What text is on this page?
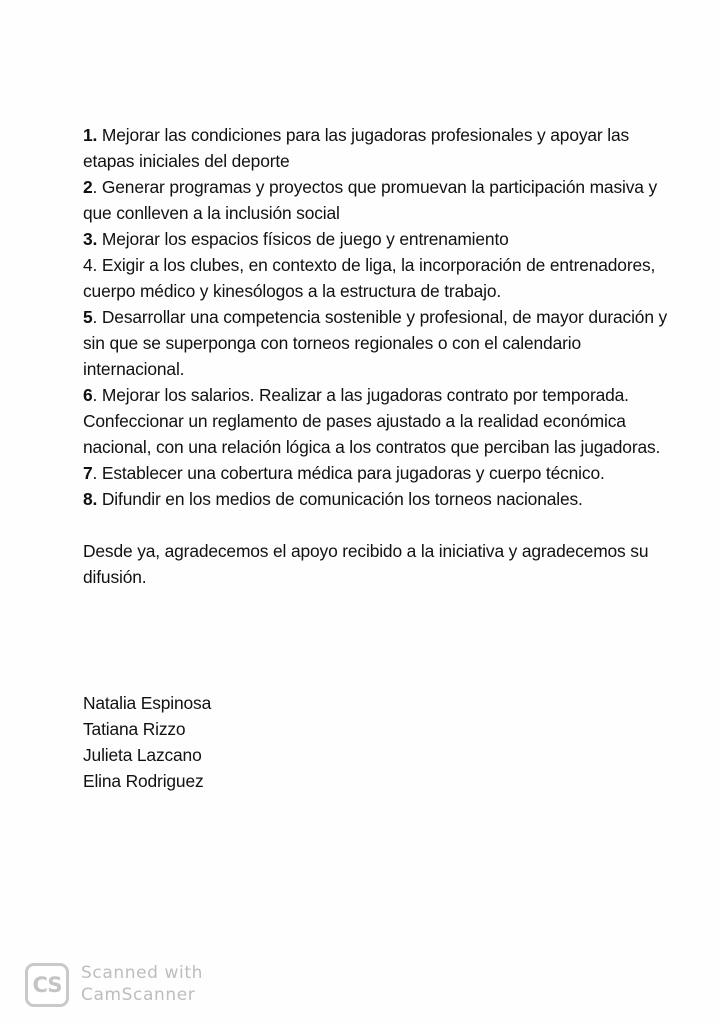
1. Mejorar las condiciones para las jugadoras profesionales y apoyar las etapas iniciales del deporte
2. Generar programas y proyectos que promuevan la participación masiva y que conlleven a la inclusión social
3. Mejorar los espacios físicos de juego y entrenamiento
4. Exigir a los clubes, en contexto de liga, la incorporación de entrenadores, cuerpo médico y kinesólogos a la estructura de trabajo.
5. Desarrollar una competencia sostenible y profesional, de mayor duración y sin que se superponga con torneos regionales o con el calendario internacional.
6. Mejorar los salarios. Realizar a las jugadoras contrato por temporada. Confeccionar un reglamento de pases ajustado a la realidad económica nacional, con una relación lógica a los contratos que perciban las jugadoras.
7. Establecer una cobertura médica para jugadoras y cuerpo técnico.
8. Difundir en los medios de comunicación los torneos nacionales.
Desde ya, agradecemos el apoyo recibido a la iniciativa y agradecemos su difusión.
Natalia Espinosa
Tatiana Rizzo
Julieta Lazcano
Elina Rodriguez
CS Scanned with
CamScanner
